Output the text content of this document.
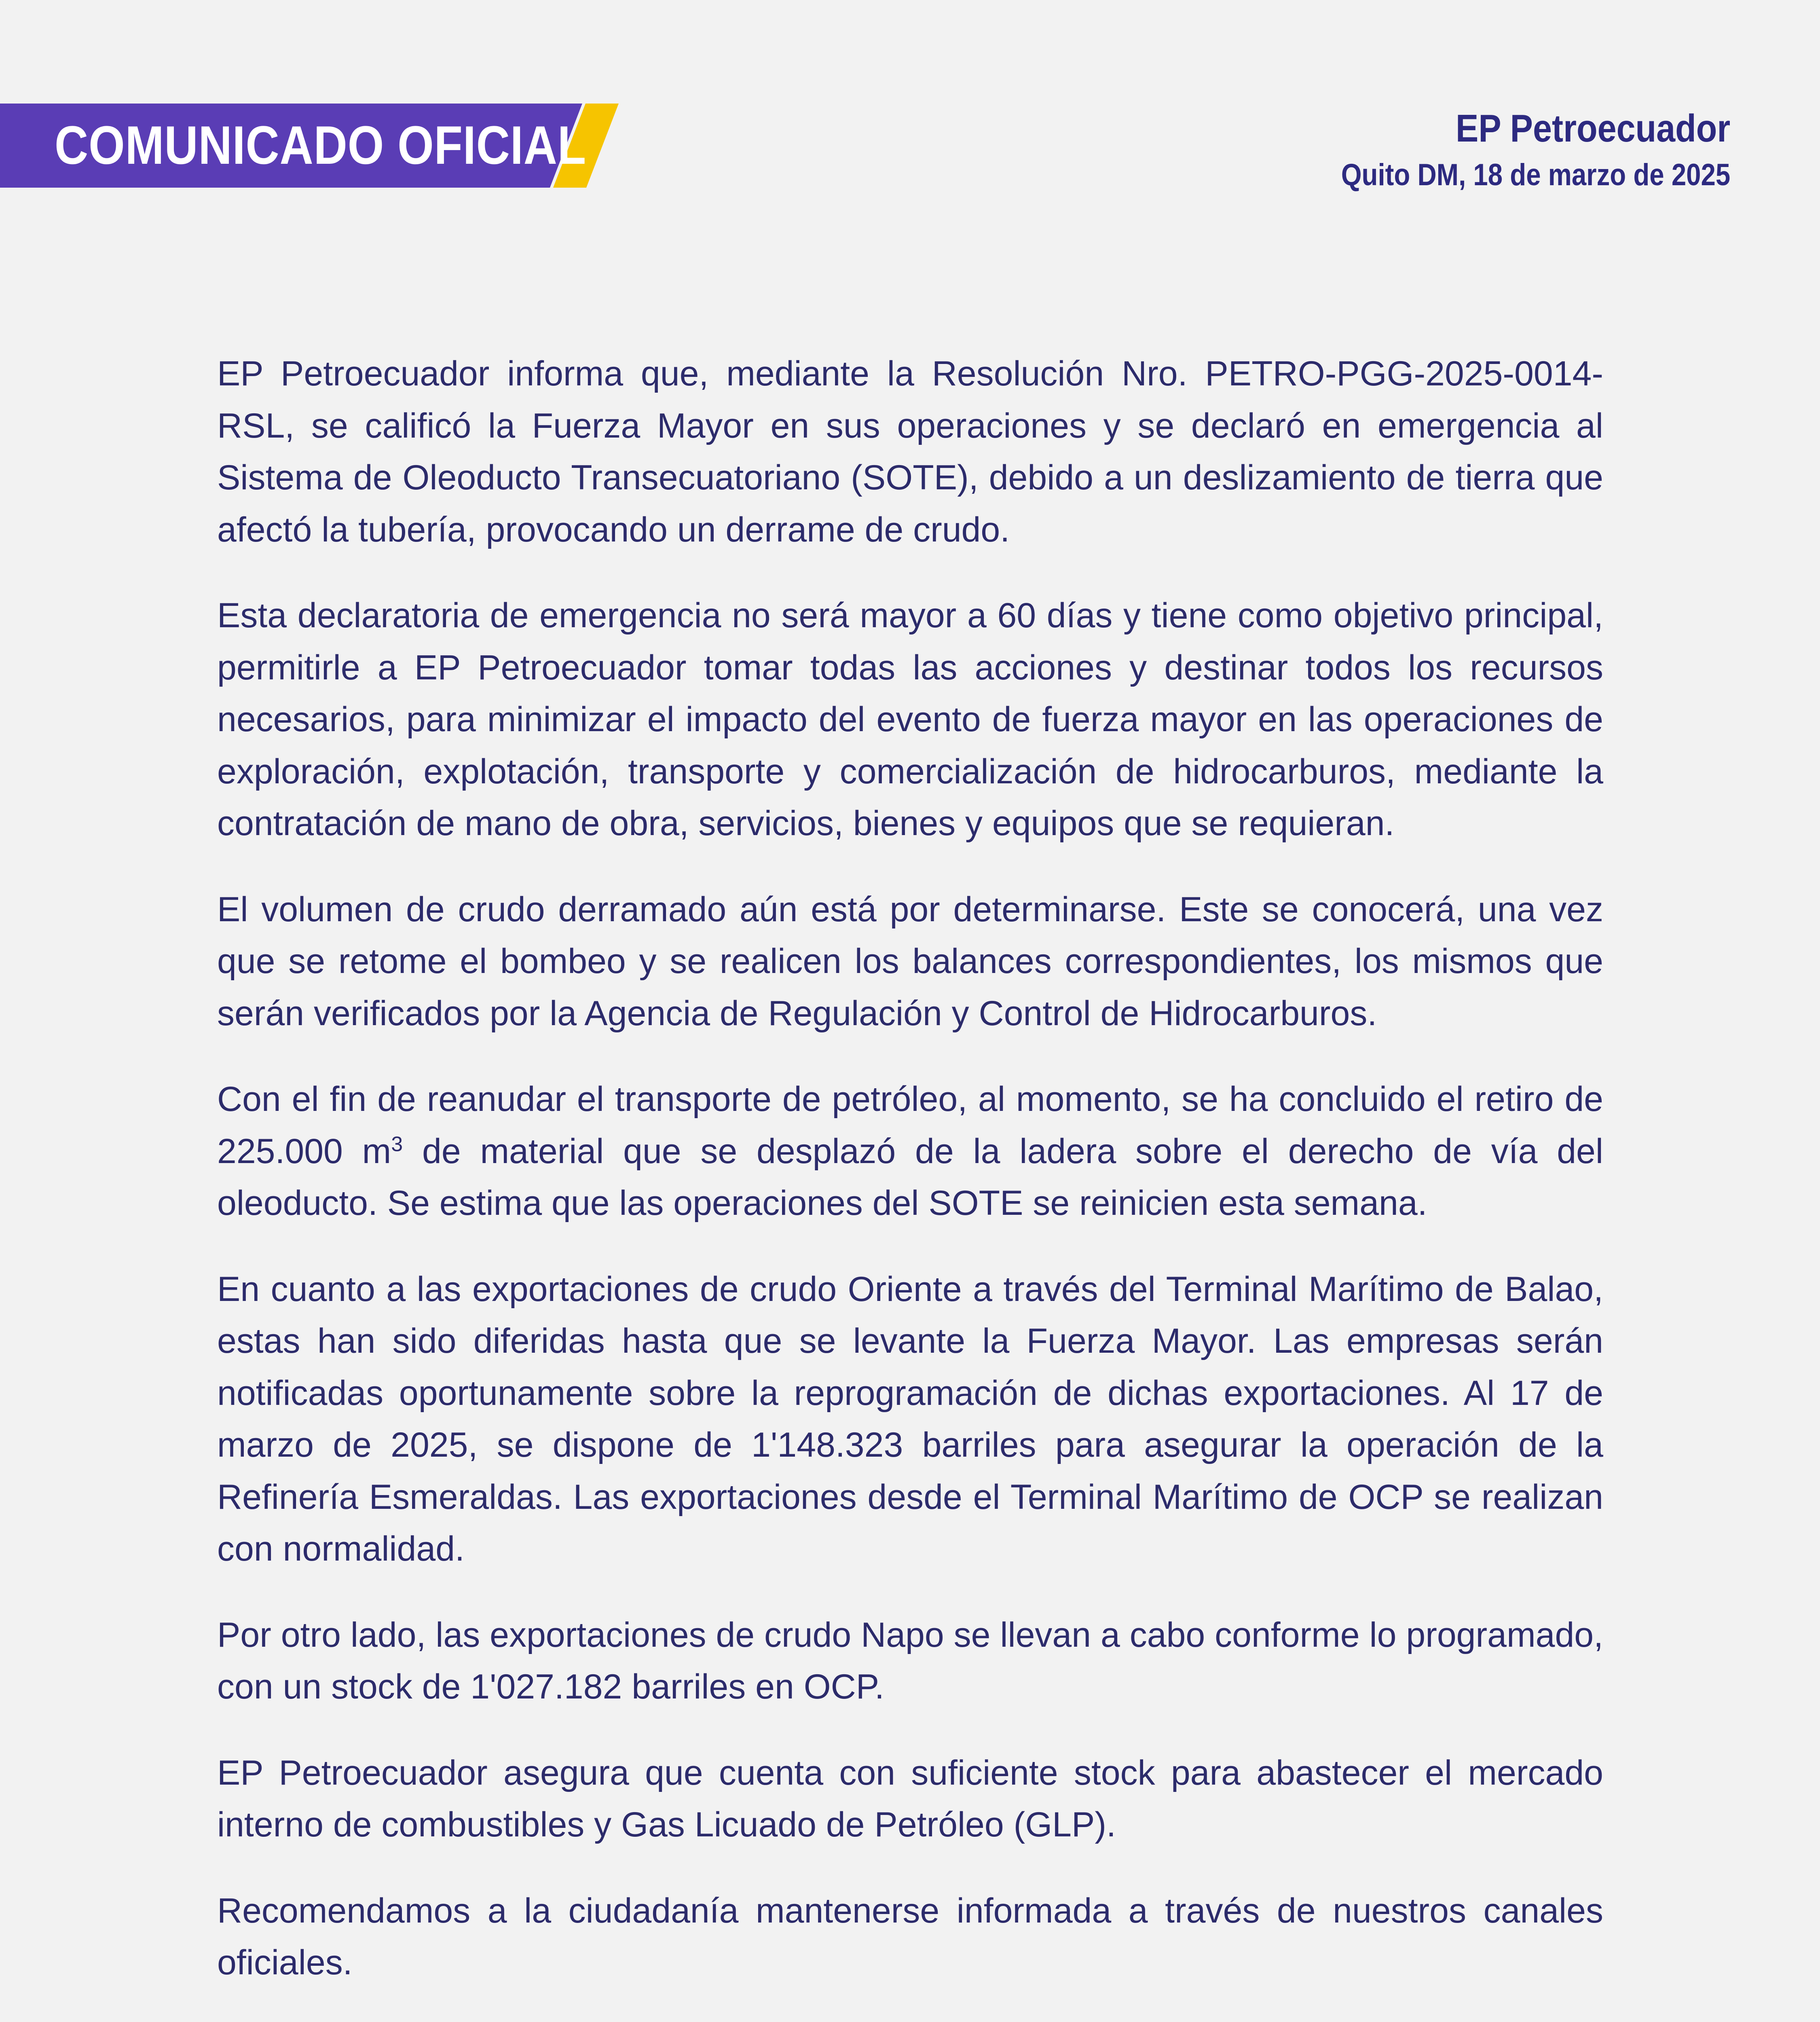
COMUNICADO OFICIAL	EP Petroecuador
Quito DM, 18 de marzo de 2025

EP Petroecuador informa que, mediante la Resolución Nro. PETRO-PGG-2025-0014-RSL, se calificó la Fuerza Mayor en sus operaciones y se declaró en emergencia al Sistema de Oleoducto Transecuatoriano (SOTE), debido a un deslizamiento de tierra que afectó la tubería, provocando un derrame de crudo.

Esta declaratoria de emergencia no será mayor a 60 días y tiene como objetivo principal, permitirle a EP Petroecuador tomar todas las acciones y destinar todos los recursos necesarios, para minimizar el impacto del evento de fuerza mayor en las operaciones de exploración, explotación, transporte y comercialización de hidrocarburos, mediante la contratación de mano de obra, servicios, bienes y equipos que se requieran.

El volumen de crudo derramado aún está por determinarse. Este se conocerá, una vez que se retome el bombeo y se realicen los balances correspondientes, los mismos que serán verificados por la Agencia de Regulación y Control de Hidrocarburos.

Con el fin de reanudar el transporte de petróleo, al momento, se ha concluido el retiro de 225.000 $m^3$ de material que se desplazó de la ladera sobre el derecho de vía del oleoducto. Se estima que las operaciones del SOTE se reinicien esta semana.

En cuanto a las exportaciones de crudo Oriente a través del Terminal Marítimo de Balao, estas han sido diferidas hasta que se levante la Fuerza Mayor. Las empresas serán notificadas oportunamente sobre la reprogramación de dichas exportaciones. Al 17 de marzo de 2025, se dispone de 1'148.323 barriles para asegurar la operación de la Refinería Esmeraldas. Las exportaciones desde el Terminal Marítimo de OCP se realizan con normalidad.

Por otro lado, las exportaciones de crudo Napo se llevan a cabo conforme lo programado, con un stock de 1'027.182 barriles en OCP.

EP Petroecuador asegura que cuenta con suficiente stock para abastecer el mercado interno de combustibles y Gas Licuado de Petróleo (GLP).

Recomendamos a la ciudadanía mantenerse informada a través de nuestros canales oficiales.
